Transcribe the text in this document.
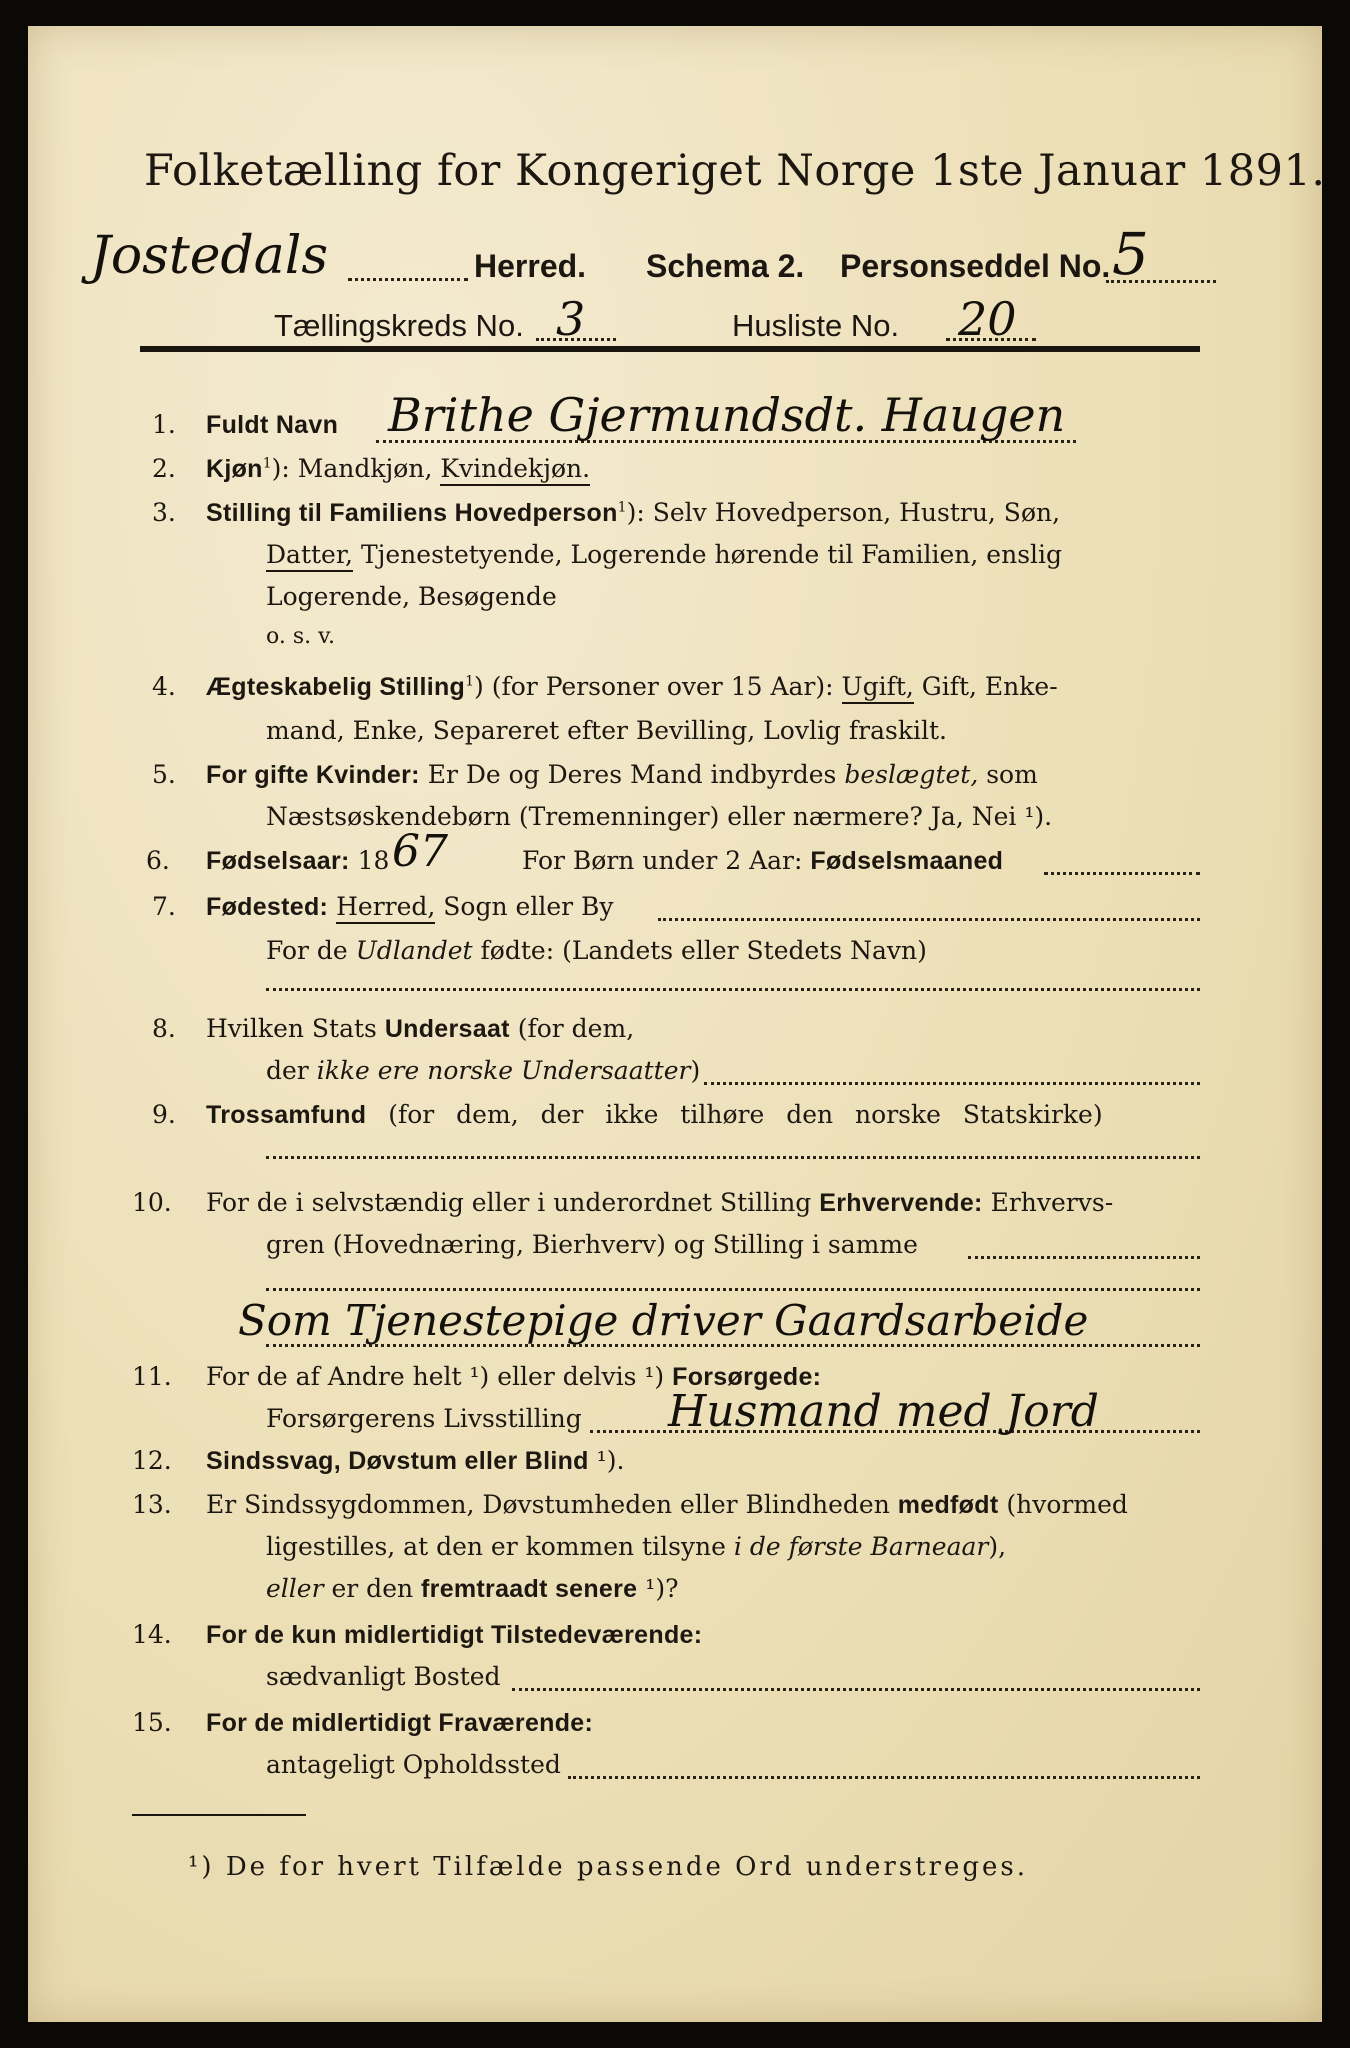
Folketælling for Kongeriget Norge 1ste Januar 1891.
Jostedals	Herred. Schema 2. Personseddel No. 5
Tællingskreds No. 3	Husliste No. 20
1. Fuldt Navn Brithe Gjermundsdt. Haugen
2. Kjøn$^1$): Mandkjøn, Kvindekjøn.
3. Stilling til Familiens Hovedperson$^1$): Selv Hovedperson, Hustru, Søn,
Datter, Tjenestetyende, Logerende hørende til Familien, enslig
Logerende, Besøgende
o. s. v.
4. Ægteskabelig Stilling$^1$) (for Personer over 15 Aar): Ugift, Gift, Enke-
mand, Enke, Separeret efter Bevilling, Lovlig fraskilt.
5. For gifte Kvinder: Er De og Deres Mand indbyrdes beslægtet, som
Næstsøskendebørn (Tremenninger) eller nærmere? Ja, Nei ¹).
6. Fødselsaar: 18 67	For Børn under 2 Aar: Fødselsmaaned
7. Fødested: Herred, Sogn eller By
For de Udlandet fødte: (Landets eller Stedets Navn)
8. Hvilken Stats Undersaat (for dem,
der ikke ere norske Undersaatter)
9. Trossamfund (for dem, der ikke tilhøre den norske Statskirke)
10. For de i selvstændig eller i underordnet Stilling Erhvervende: Erhvervs-
gren (Hovednæring, Bierhverv) og Stilling i samme
Som Tjenestepige driver Gaardsarbeide
11. For de af Andre helt ¹) eller delvis ¹) Forsørgede:
Forsørgerens Livsstilling Husmand med Jord
12. Sindssvag, Døvstum eller Blind ¹).
13. Er Sindssygdommen, Døvstumheden eller Blindheden medfødt (hvormed
ligestilles, at den er kommen tilsyne i de første Barneaar),
eller er den fremtraadt senere ¹)?
14. For de kun midlertidigt Tilstedeværende:
sædvanligt Bosted
15. For de midlertidigt Fraværende:
antageligt Opholdssted
¹) De for hvert Tilfælde passende Ord understreges.
